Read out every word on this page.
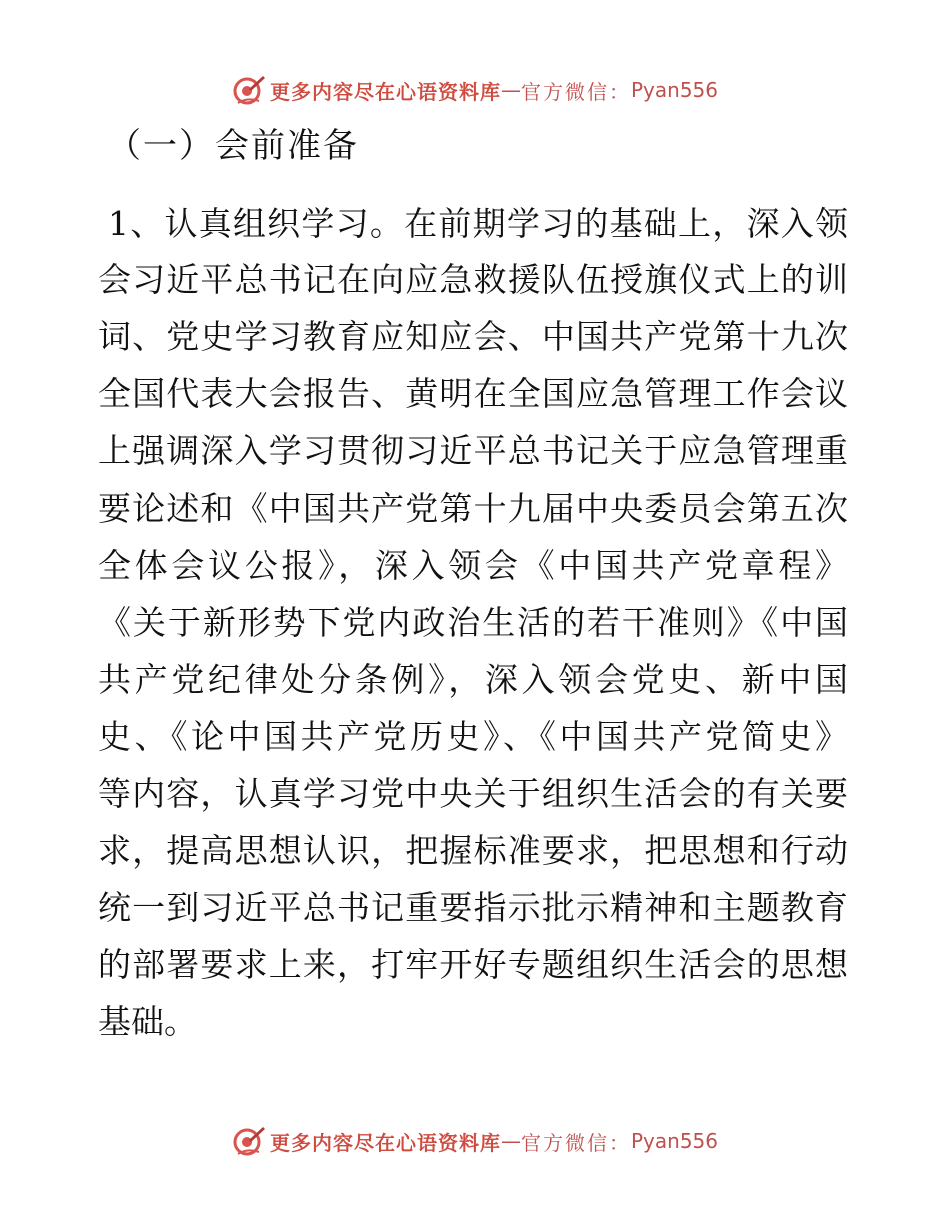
更多内容尽在心语资料库 — 官方微信： Pyan556
（一）会前准备
1、认真组织学习。在前期学习的基础上，深入领
会习近平总书记在向应急救援队伍授旗仪式上的训
词、党史学习教育应知应会、中国共产党第十九次
全国代表大会报告、黄明在全国应急管理工作会议
上强调深入学习贯彻习近平总书记关于应急管理重
要论述和《中国共产党第十九届中央委员会第五次
全体会议公报》，深入领会《中国共产党章程》
《关于新形势下党内政治生活的若干准则》《中国
共产党纪律处分条例》，深入领会党史、新中国
史、《论中国共产党历史》、《中国共产党简史》
等内容，认真学习党中央关于组织生活会的有关要
求，提高思想认识，把握标准要求，把思想和行动
统一到习近平总书记重要指示批示精神和主题教育
的部署要求上来，打牢开好专题组织生活会的思想
基础。
更多内容尽在心语资料库 — 官方微信： Pyan556
